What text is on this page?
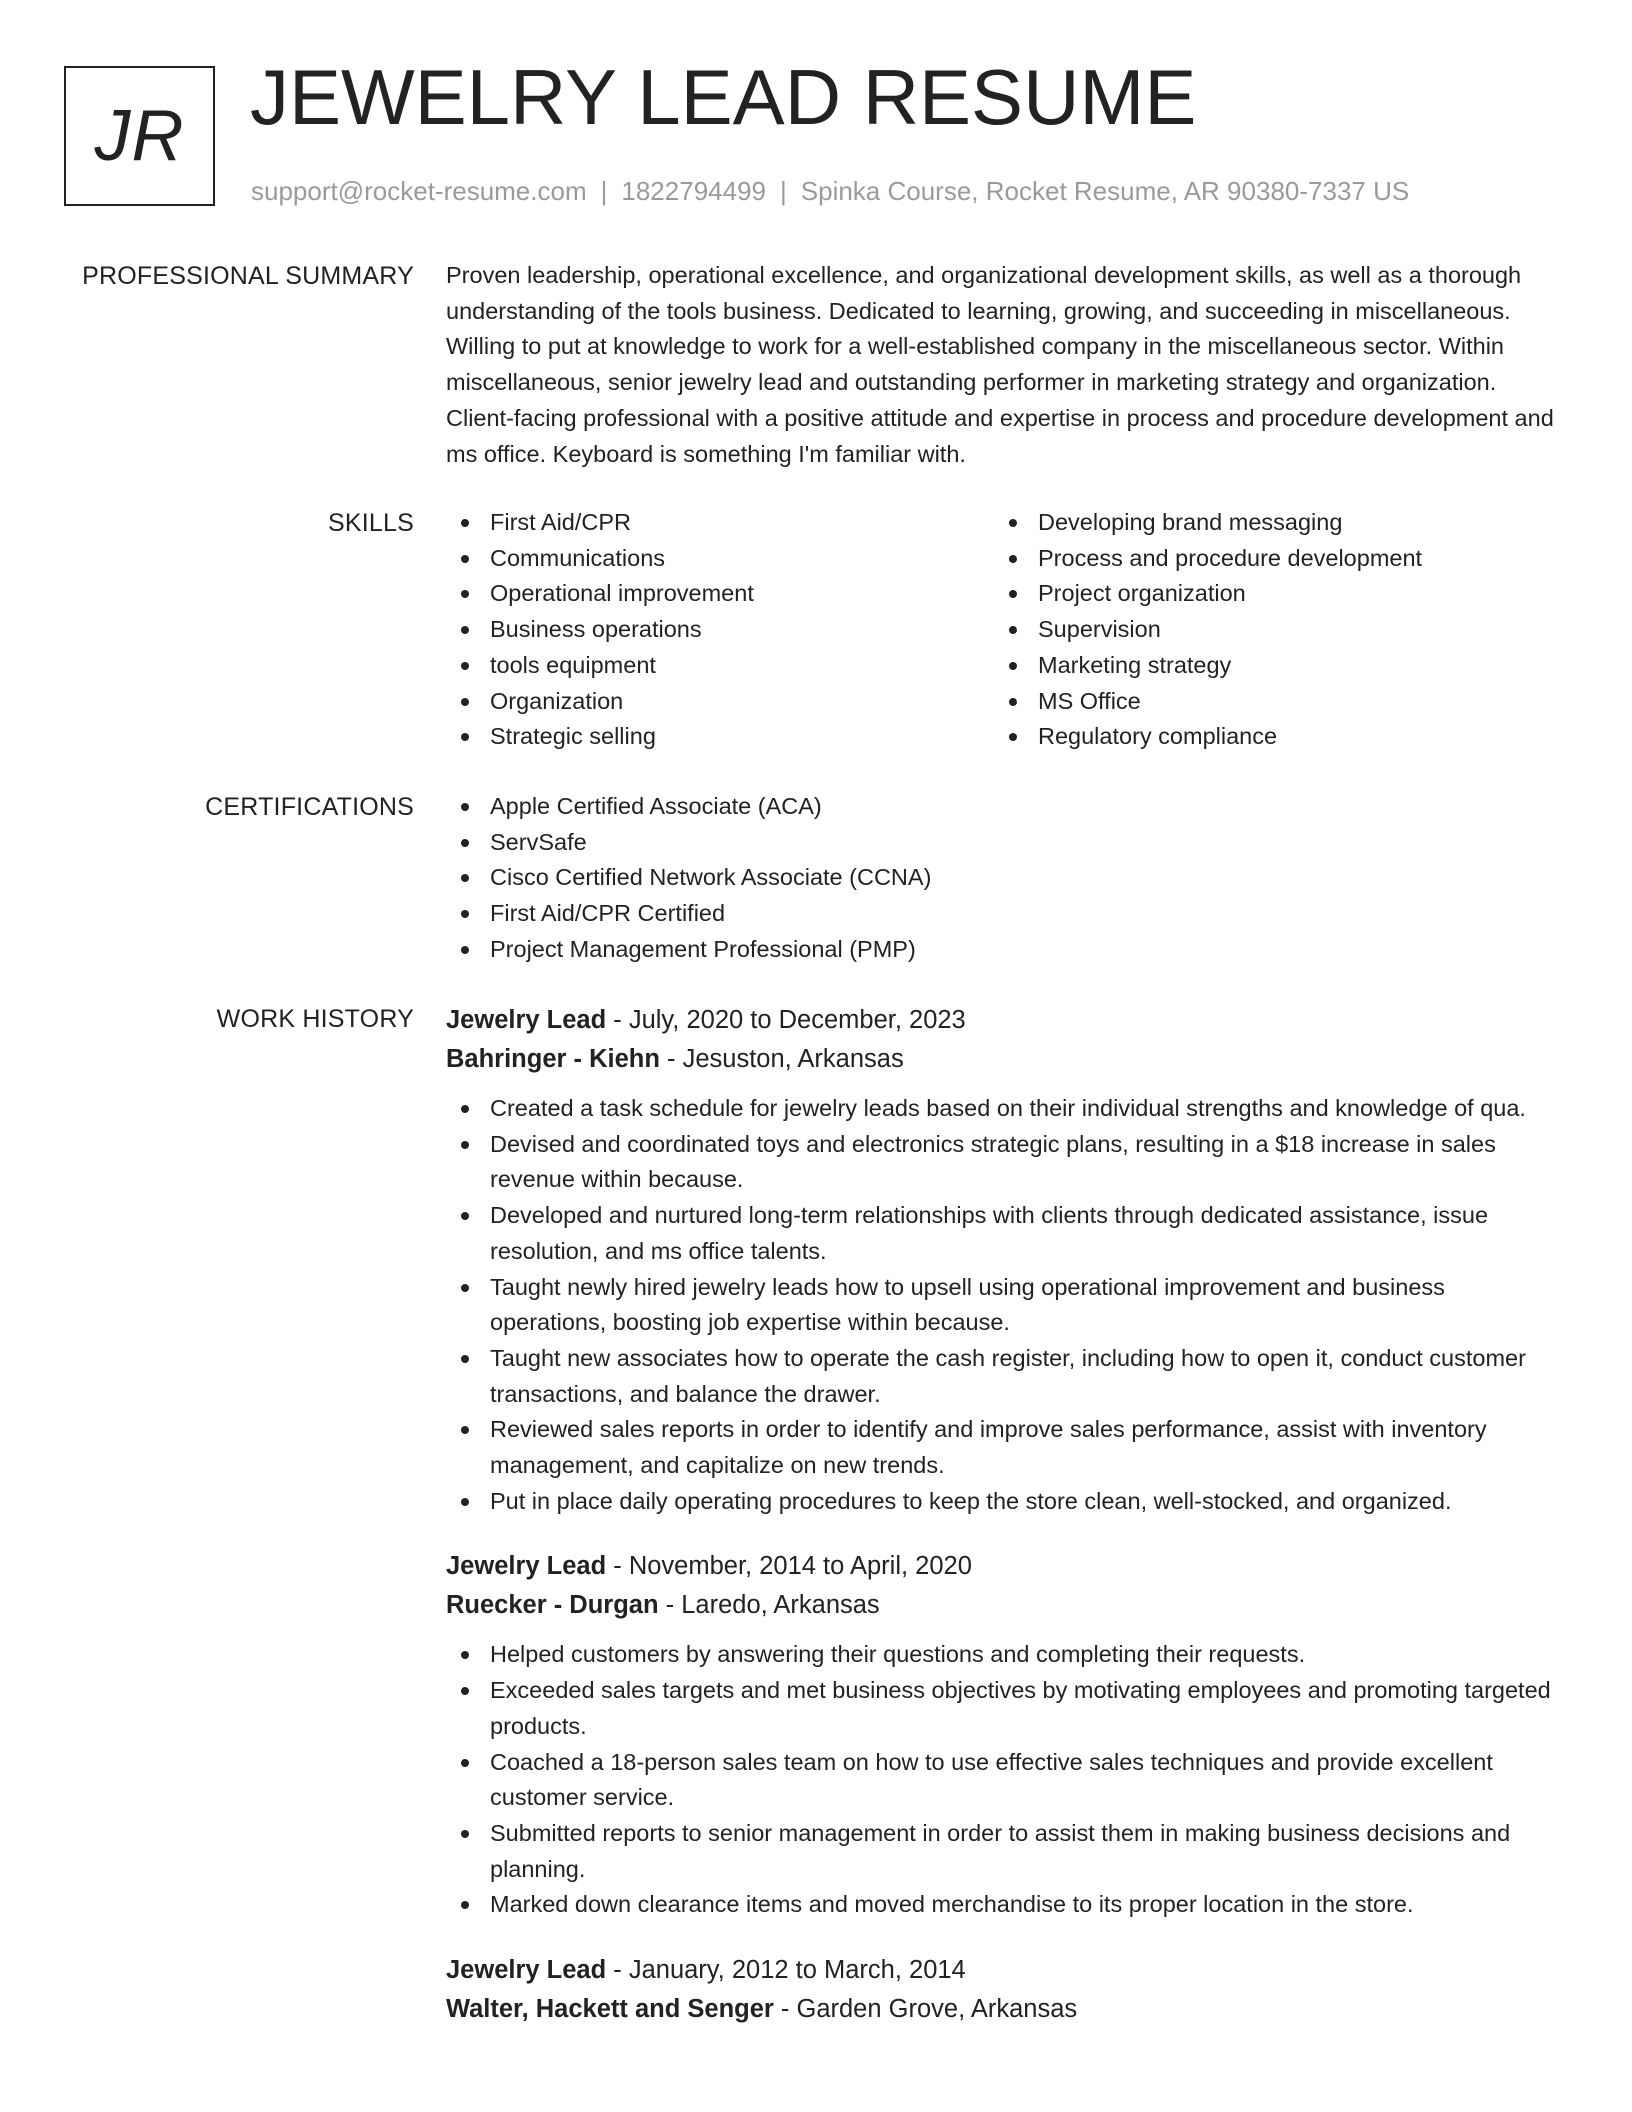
JR JEWELRY LEAD RESUME
support@rocket-resume.com | 1822794499 | Spinka Course, Rocket Resume, AR 90380-7337 US
PROFESSIONAL SUMMARY Proven leadership, operational excellence, and organizational development skills, as well as a thorough understanding of the tools business. Dedicated to learning, growing, and succeeding in miscellaneous. Willing to put at knowledge to work for a well-established company in the miscellaneous sector. Within miscellaneous, senior jewelry lead and outstanding performer in marketing strategy and organization. Client-facing professional with a positive attitude and expertise in process and procedure development and ms office. Keyboard is something I'm familiar with.

SKILLS	First Aid/CPR
Communications
Operational improvement
Business operations
tools equipment
Organization
Strategic selling
Developing brand messaging
Process and procedure development
Project organization
Supervision
Marketing strategy
MS Office
Regulatory compliance
CERTIFICATIONS	Apple Certified Associate (ACA)
ServSafe
Cisco Certified Network Associate (CCNA)
First Aid/CPR Certified
Project Management Professional (PMP)
WORK HISTORY Jewelry Lead - July, 2020 to December, 2023
Bahringer - Kiehn - Jesuston, Arkansas
Created a task schedule for jewelry leads based on their individual strengths and knowledge of qua.
Devised and coordinated toys and electronics strategic plans, resulting in a $18 increase in sales revenue within because.
Developed and nurtured long-term relationships with clients through dedicated assistance, issue resolution, and ms office talents.
Taught newly hired jewelry leads how to upsell using operational improvement and business operations, boosting job expertise within because.
Taught new associates how to operate the cash register, including how to open it, conduct customer transactions, and balance the drawer.
Reviewed sales reports in order to identify and improve sales performance, assist with inventory management, and capitalize on new trends.
Put in place daily operating procedures to keep the store clean, well-stocked, and organized.
Jewelry Lead - November, 2014 to April, 2020
Ruecker - Durgan - Laredo, Arkansas
Helped customers by answering their questions and completing their requests.
Exceeded sales targets and met business objectives by motivating employees and promoting targeted products.
Coached a 18-person sales team on how to use effective sales techniques and provide excellent customer service.
Submitted reports to senior management in order to assist them in making business decisions and planning.
Marked down clearance items and moved merchandise to its proper location in the store.
Jewelry Lead - January, 2012 to March, 2014
Walter, Hackett and Senger - Garden Grove, Arkansas
